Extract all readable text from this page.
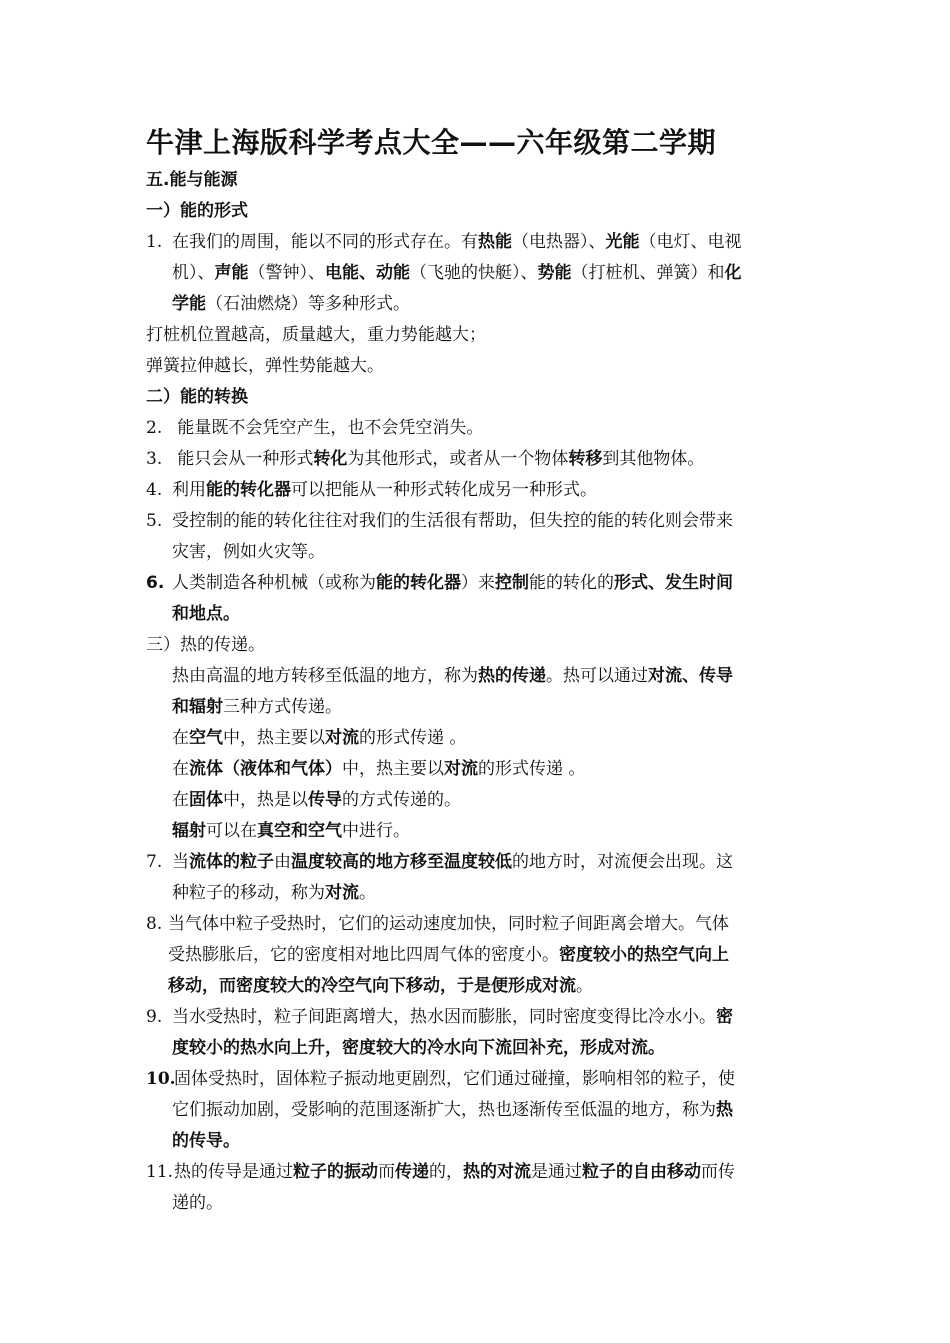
牛津上海版科学考点大全——六年级第二学期
五.能与能源
一）能的形式
1. 在我们的周围，能以不同的形式存在。有热能（电热器）、光能（电灯、电视
机）、声能（警钟）、电能、动能（飞驰的快艇）、势能（打桩机、弹簧）和化
学能（石油燃烧）等多种形式。
打桩机位置越高，质量越大，重力势能越大；
弹簧拉伸越长，弹性势能越大。
二）能的转换
2. 能量既不会凭空产生，也不会凭空消失。
3. 能只会从一种形式转化为其他形式，或者从一个物体转移到其他物体。
4. 利用能的转化器可以把能从一种形式转化成另一种形式。
5. 受控制的能的转化往往对我们的生活很有帮助，但失控的能的转化则会带来
灾害，例如火灾等。
6. 人类制造各种机械（或称为能的转化器）来控制能的转化的形式、发生时间
和地点。
三）热的传递。
热由高温的地方转移至低温的地方，称为热的传递。热可以通过对流、传导
和辐射三种方式传递。
在空气中，热主要以对流的形式传递 。
在流体（液体和气体）中，热主要以对流的形式传递 。
在固体中，热是以传导的方式传递的。
辐射可以在真空和空气中进行。
7. 当流体的粒子由温度较高的地方移至温度较低的地方时，对流便会出现。这
种粒子的移动，称为对流。
8. 当气体中粒子受热时，它们的运动速度加快，同时粒子间距离会增大。气体
受热膨胀后，它的密度相对地比四周气体的密度小。密度较小的热空气向上
移动，而密度较大的冷空气向下移动，于是便形成对流。
9. 当水受热时，粒子间距离增大，热水因而膨胀，同时密度变得比冷水小。密
度较小的热水向上升，密度较大的冷水向下流回补充，形成对流。
10.固体受热时，固体粒子振动地更剧烈，它们通过碰撞，影响相邻的粒子，使
它们振动加剧，受影响的范围逐渐扩大，热也逐渐传至低温的地方，称为热
的传导。
11.热的传导是通过粒子的振动而传递的，热的对流是通过粒子的自由移动而传
递的。
